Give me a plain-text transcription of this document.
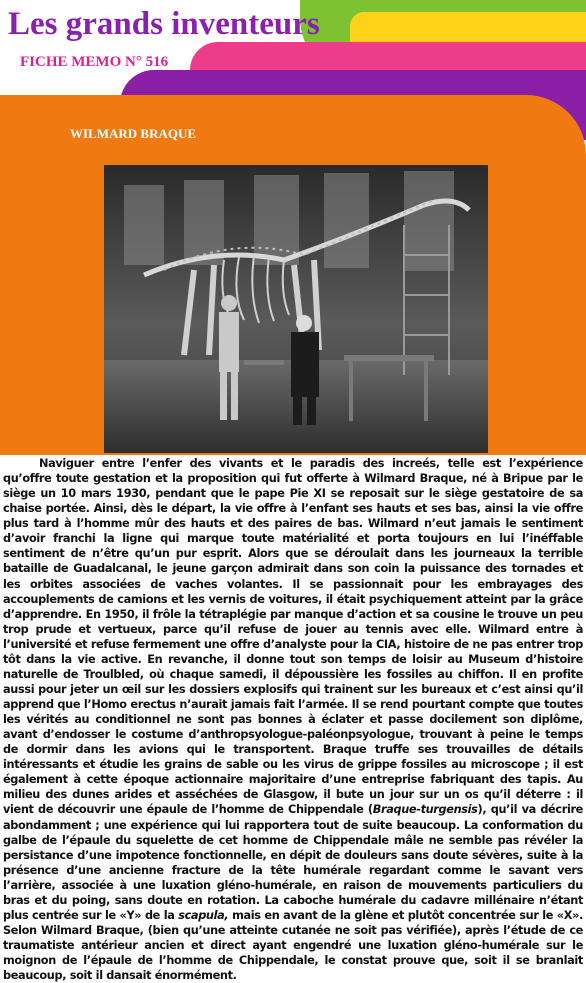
Les grands inventeurs
FICHE MEMO N° 516
WILMARD BRAQUE

Naviguer entre l’enfer des vivants et le paradis des increés, telle est l’expérience qu’offre toute gestation et la proposition qui fut offerte à Wilmard Braque, né à Bripue par le siège un 10 mars 1930, pendant que le pape Pie XI se reposait sur le siège gestatoire de sa chaise portée. Ainsi, dès le départ, la vie offre à l’enfant ses hauts et ses bas, ainsi la vie offre plus tard à l’homme mûr des hauts et des paires de bas. Wilmard n’eut jamais le sentiment d’avoir franchi la ligne qui marque toute matérialité et porta toujours en lui l’inéffable sentiment de n’être qu’un pur esprit. Alors que se déroulait dans les journeaux la terrible bataille de Guadalcanal, le jeune garçon admirait dans son coin la puissance des tornades et les orbites associées de vaches volantes. Il se passionnait pour les embrayages des accouplements de camions et les vernis de voitures, il était psychiquement atteint par la grâce d’apprendre. En 1950, il frôle la tétraplégie par manque d’action et sa cousine le trouve un peu trop prude et vertueux, parce qu’il refuse de jouer au tennis avec elle. Wilmard entre à l’université et refuse fermement une offre d’analyste pour la CIA, histoire de ne pas entrer trop tôt dans la vie active. En revanche, il donne tout son temps de loisir au Museum d’histoire naturelle de Troulbled, où chaque samedi, il dépoussière les fossiles au chiffon. Il en profite aussi pour jeter un œil sur les dossiers explosifs qui trainent sur les bureaux et c’est ainsi qu’il apprend que l’Homo erectus n’aurait jamais fait l’armée. Il se rend pourtant compte que toutes les vérités au conditionnel ne sont pas bonnes à éclater et passe docilement son diplôme, avant d’endosser le costume d’anthropsyologue-paléonpsyologue, trouvant à peine le temps de dormir dans les avions qui le transportent. Braque truffe ses trouvailles de détails intéressants et étudie les grains de sable ou les virus de grippe fossiles au microscope ; il est également à cette époque actionnaire majoritaire d’une entreprise fabriquant des tapis. Au milieu des dunes arides et asséchées de Glasgow, il bute un jour sur un os qu’il déterre : il vient de découvrir une épaule de l’homme de Chippendale (Braque-turgensis), qu’il va décrire abondamment ; une expérience qui lui rapportera tout de suite beaucoup. La conformation du galbe de l’épaule du squelette de cet homme de Chippendale mâle ne semble pas révéler la persistance d’une impotence fonctionnelle, en dépit de douleurs sans doute sévères, suite à la présence d’une ancienne fracture de la tête humérale regardant comme le savant vers l’arrière, associée à une luxation gléno-humérale, en raison de mouvements particuliers du bras et du poing, sans doute en rotation. La caboche humérale du cadavre millénaire n’étant plus centrée sur le «Y» de la scapula, mais en avant de la glène et plutôt concentrée sur le «X». Selon Wilmard Braque, (bien qu’une atteinte cutanée ne soit pas vérifiée), après l’étude de ce traumatiste antérieur ancien et direct ayant engendré une luxation gléno-humérale sur le moignon de l’épaule de l’homme de Chippendale, le constat prouve que, soit il se branlait beaucoup, soit il dansait énormément.
